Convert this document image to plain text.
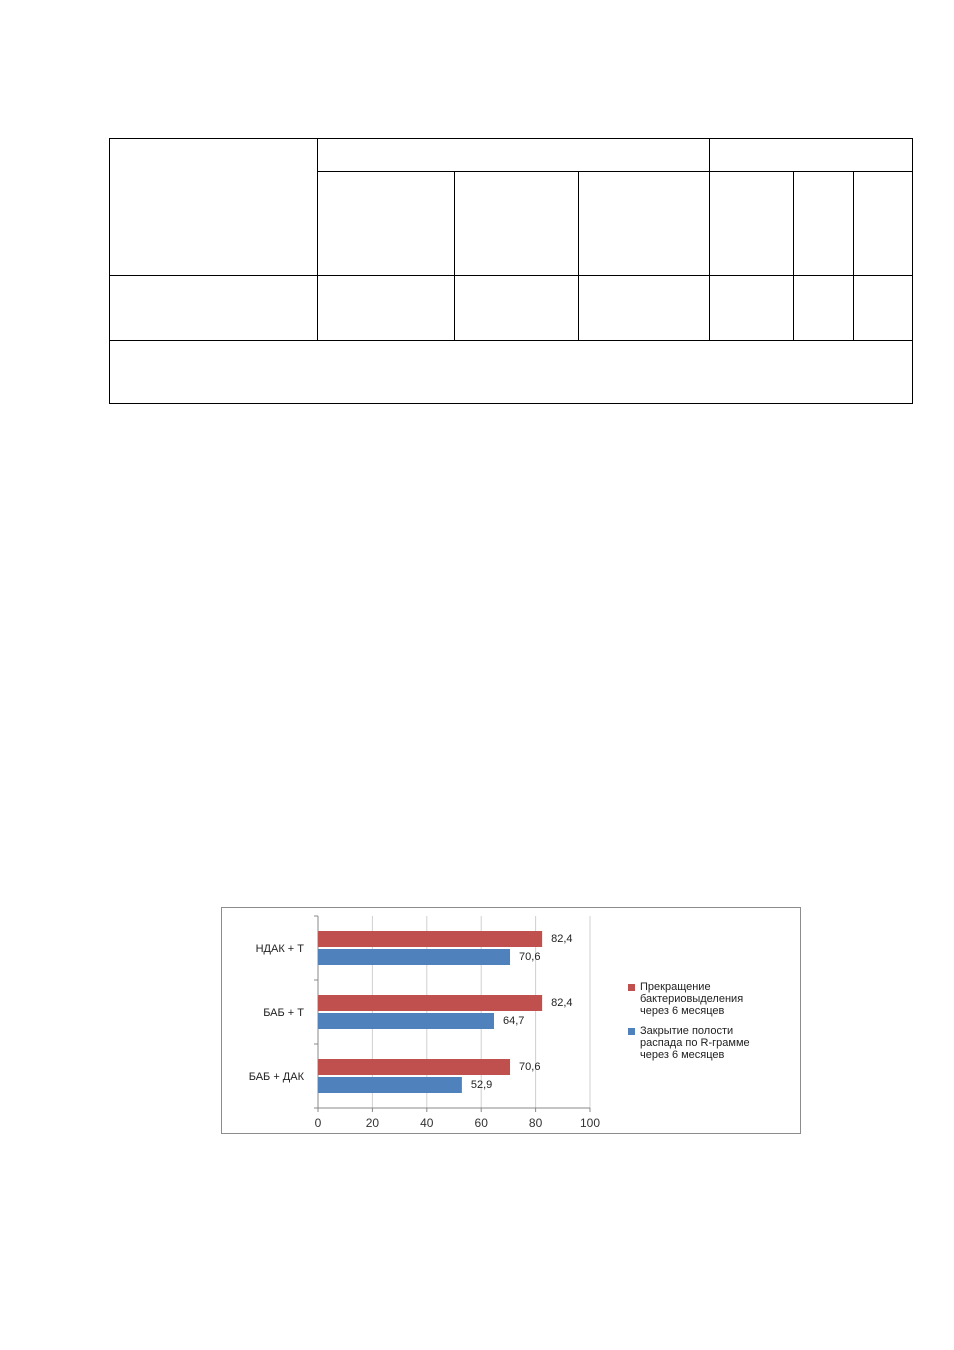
0	20	40	60	80	100
НДАК + Т
82,4
70,6
БАБ + Т
82,4
64,7
БАБ + ДАК
70,6
52,9
Прекращение
бактериовыделения
через 6 месяцев
Закрытие полости
распада по R-грамме
через 6 месяцев
